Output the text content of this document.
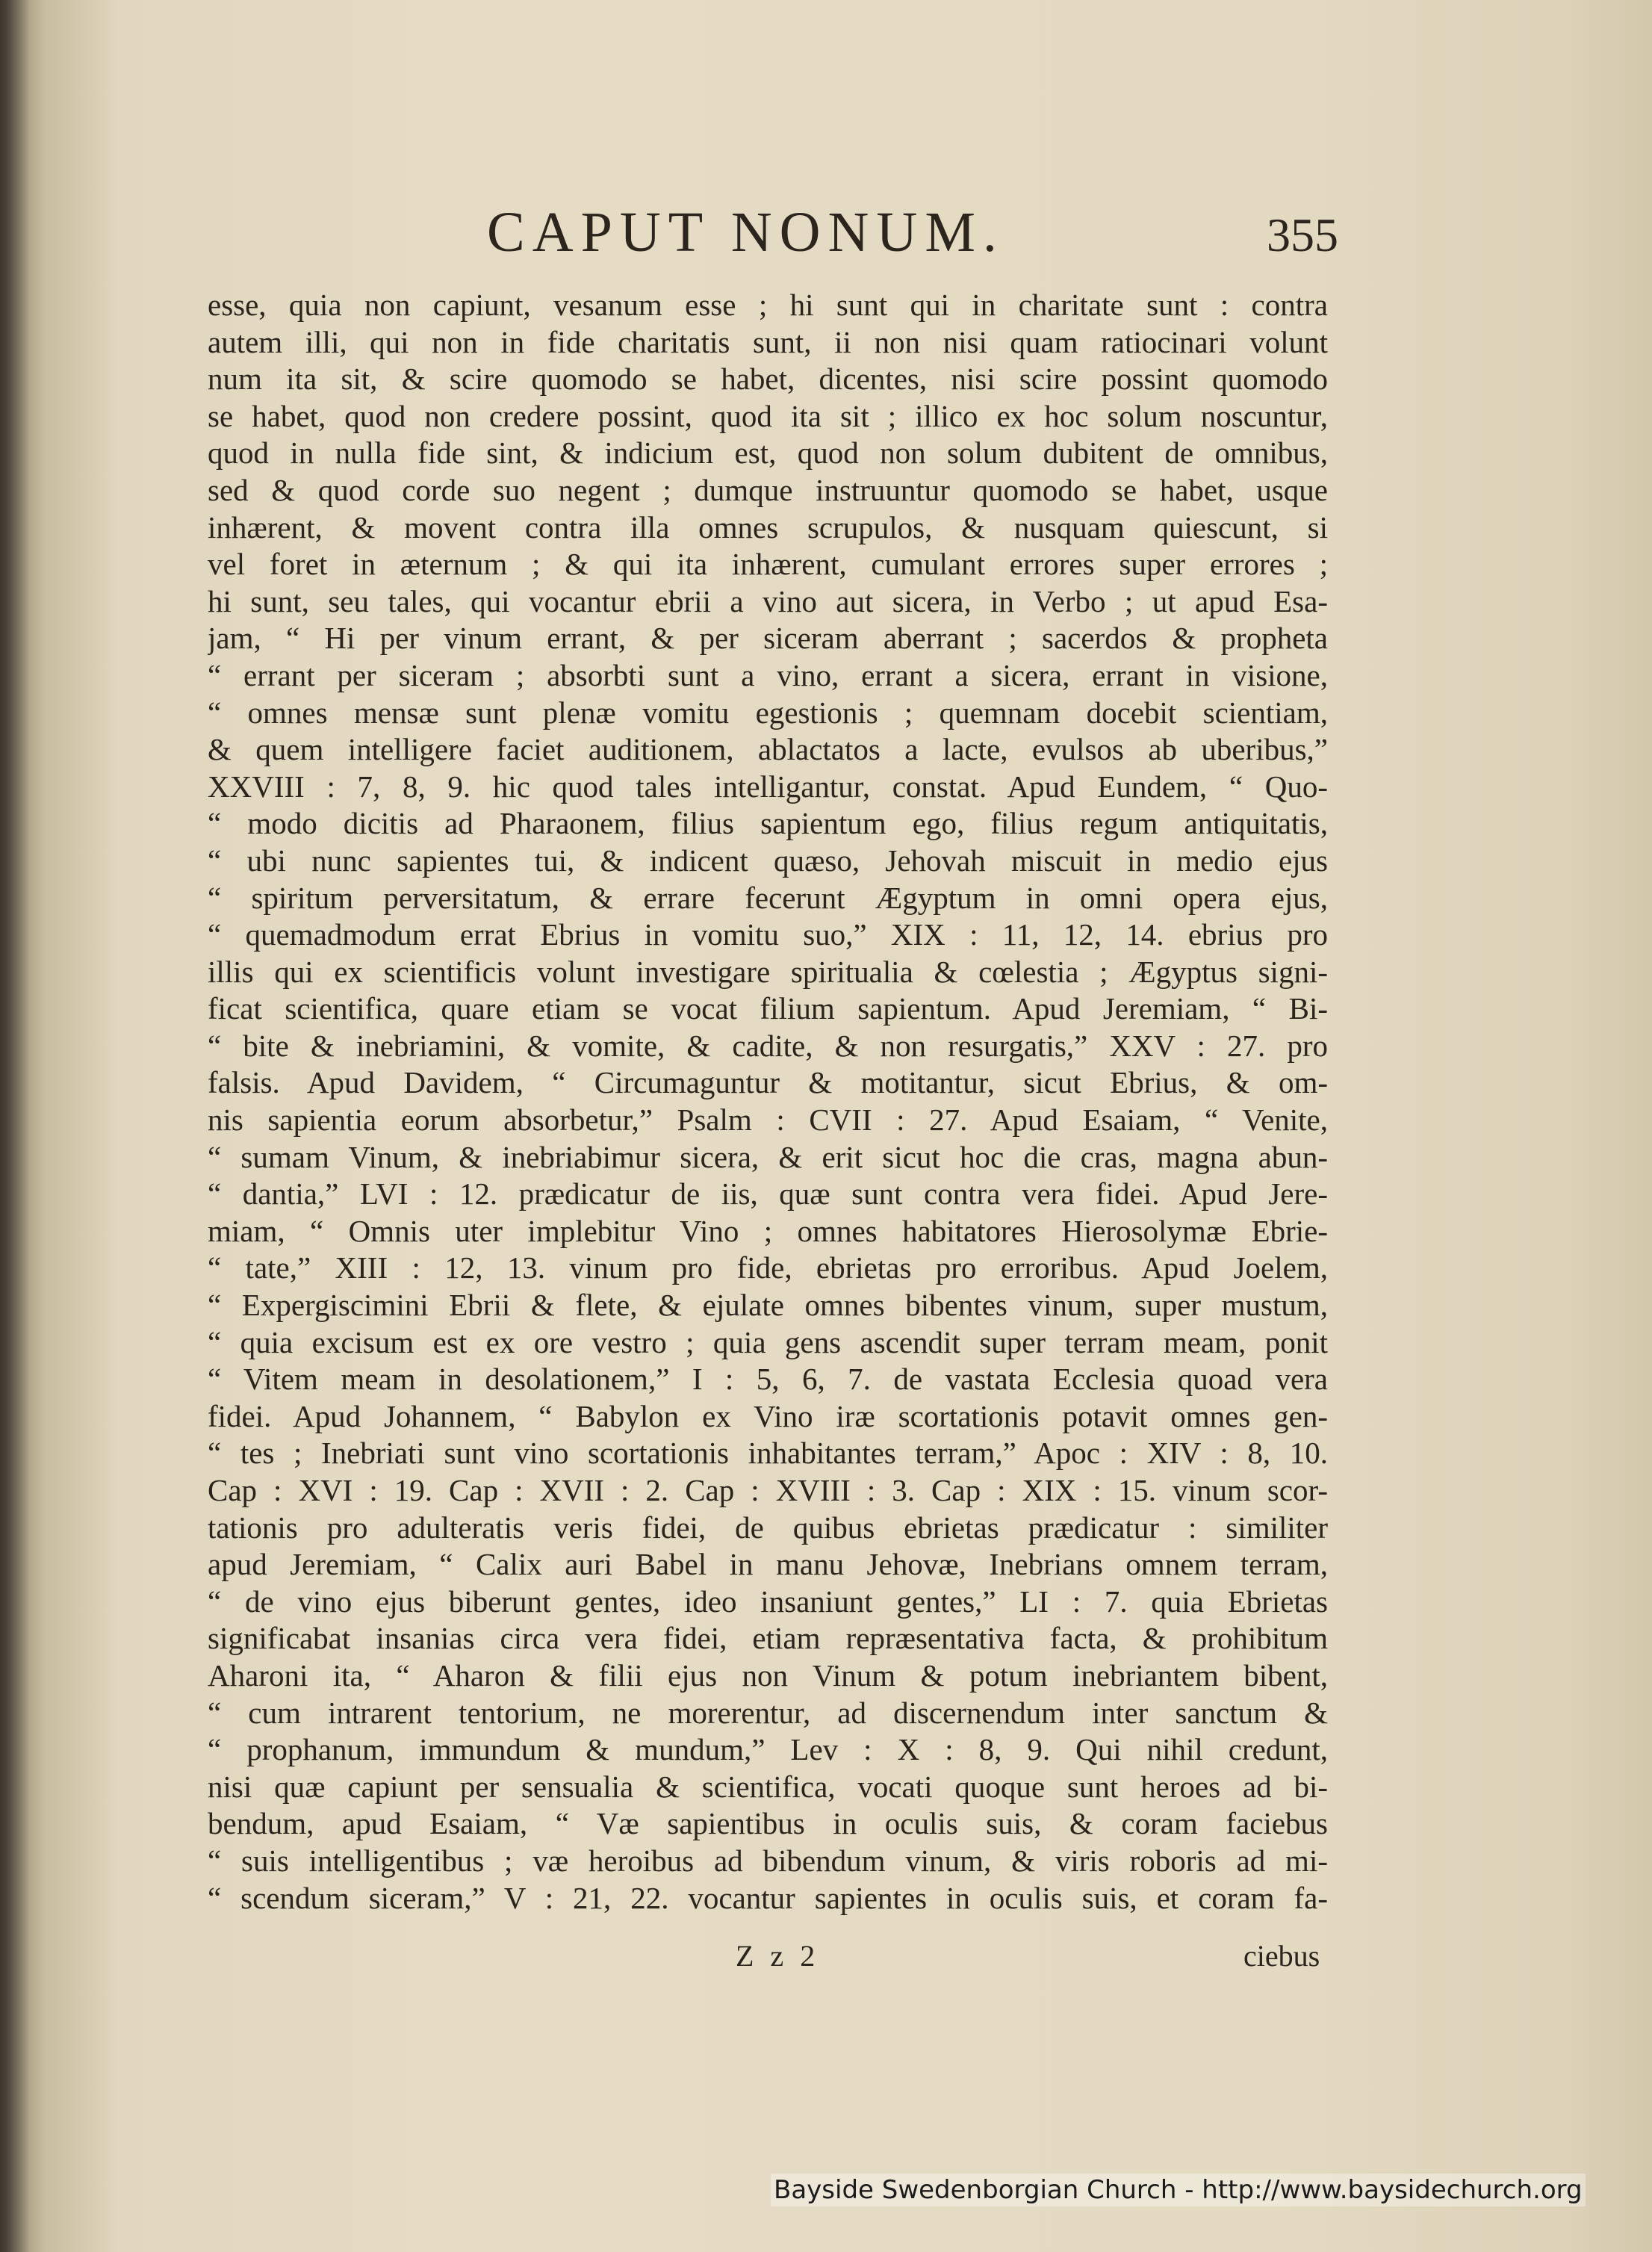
CAPUT NONUM.	355
esse, quia non capiunt, vesanum esse ; hi sunt qui in charitate sunt : contra
autem illi, qui non in fide charitatis sunt, ii non nisi quam ratiocinari volunt
num ita sit, & scire quomodo se habet, dicentes, nisi scire possint quomodo
se habet, quod non credere possint, quod ita sit ; illico ex hoc solum noscuntur,
quod in nulla fide sint, & indicium est, quod non solum dubitent de omnibus,
sed & quod corde suo negent ; dumque instruuntur quomodo se habet, usque
inhærent, & movent contra illa omnes scrupulos, & nusquam quiescunt, si
vel foret in æternum ; & qui ita inhærent, cumulant errores super errores ;
hi sunt, seu tales, qui vocantur ebrii a vino aut sicera, in Verbo ; ut apud Esa-
jam, “ Hi per vinum errant, & per siceram aberrant ; sacerdos & propheta
“ errant per siceram ; absorbti sunt a vino, errant a sicera, errant in visione,
“ omnes mensæ sunt plenæ vomitu egestionis ; quemnam docebit scientiam,
& quem intelligere faciet auditionem, ablactatos a lacte, evulsos ab uberibus,”
XXVIII : 7, 8, 9. hic quod tales intelligantur, constat. Apud Eundem, “ Quo-
“ modo dicitis ad Pharaonem, filius sapientum ego, filius regum antiquitatis,
“ ubi nunc sapientes tui, & indicent quæso, Jehovah miscuit in medio ejus
“ spiritum perversitatum, & errare fecerunt Ægyptum in omni opera ejus,
“ quemadmodum errat Ebrius in vomitu suo,” XIX : 11, 12, 14. ebrius pro
illis qui ex scientificis volunt investigare spiritualia & cœlestia ; Ægyptus signi-
ficat scientifica, quare etiam se vocat filium sapientum. Apud Jeremiam, “ Bi-
“ bite & inebriamini, & vomite, & cadite, & non resurgatis,” XXV : 27. pro
falsis. Apud Davidem, “ Circumaguntur & motitantur, sicut Ebrius, & om-
nis sapientia eorum absorbetur,” Psalm : CVII : 27. Apud Esaiam, “ Venite,
“ sumam Vinum, & inebriabimur sicera, & erit sicut hoc die cras, magna abun-
“ dantia,” LVI : 12. prædicatur de iis, quæ sunt contra vera fidei. Apud Jere-
miam, “ Omnis uter implebitur Vino ; omnes habitatores Hierosolymæ Ebrie-
“ tate,” XIII : 12, 13. vinum pro fide, ebrietas pro erroribus. Apud Joelem,
“ Expergiscimini Ebrii & flete, & ejulate omnes bibentes vinum, super mustum,
“ quia excisum est ex ore vestro ; quia gens ascendit super terram meam, ponit
“ Vitem meam in desolationem,” I : 5, 6, 7. de vastata Ecclesia quoad vera
fidei. Apud Johannem, “ Babylon ex Vino iræ scortationis potavit omnes gen-
“ tes ; Inebriati sunt vino scortationis inhabitantes terram,” Apoc : XIV : 8, 10.
Cap : XVI : 19. Cap : XVII : 2. Cap : XVIII : 3. Cap : XIX : 15. vinum scor-
tationis pro adulteratis veris fidei, de quibus ebrietas prædicatur : similiter
apud Jeremiam, “ Calix auri Babel in manu Jehovæ, Inebrians omnem terram,
“ de vino ejus biberunt gentes, ideo insaniunt gentes,” LI : 7. quia Ebrietas
significabat insanias circa vera fidei, etiam repræsentativa facta, & prohibitum
Aharoni ita, “ Aharon & filii ejus non Vinum & potum inebriantem bibent,
“ cum intrarent tentorium, ne morerentur, ad discernendum inter sanctum &
“ prophanum, immundum & mundum,” Lev : X : 8, 9. Qui nihil credunt,
nisi quæ capiunt per sensualia & scientifica, vocati quoque sunt heroes ad bi-
bendum, apud Esaiam, “ Væ sapientibus in oculis suis, & coram faciebus
“ suis intelligentibus ; væ heroibus ad bibendum vinum, & viris roboris ad mi-
“ scendum siceram,” V : 21, 22. vocantur sapientes in oculis suis, et coram fa-
Z z 2	ciebus
Bayside Swedenborgian Church - http://www.baysidechurch.org
